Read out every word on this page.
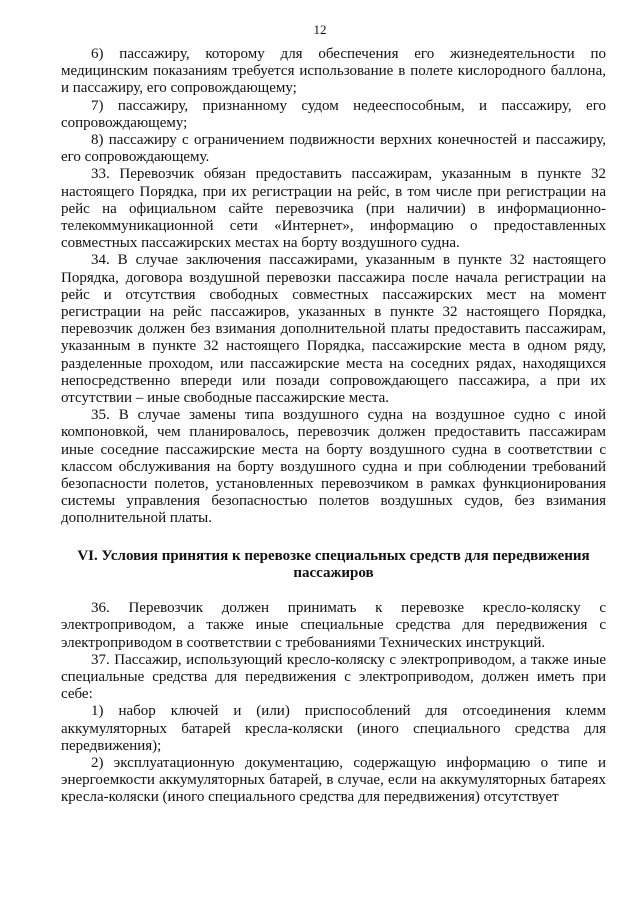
12

6) пассажиру, которому для обеспечения его жизнедеятельности по медицинским показаниям требуется использование в полете кислородного баллона, и пассажиру, его сопровождающему;

7) пассажиру, признанному судом недееспособным, и пассажиру, его сопровождающему;

8) пассажиру с ограничением подвижности верхних конечностей и пассажиру, его сопровождающему.

33. Перевозчик обязан предоставить пассажирам, указанным в пункте 32 настоящего Порядка, при их регистрации на рейс, в том числе при регистрации на рейс на официальном сайте перевозчика (при наличии) в информационно-телекоммуникационной сети «Интернет», информацию о предоставленных совместных пассажирских местах на борту воздушного судна.

34. В случае заключения пассажирами, указанным в пункте 32 настоящего Порядка, договора воздушной перевозки пассажира после начала регистрации на рейс и отсутствия свободных совместных пассажирских мест на момент регистрации на рейс пассажиров, указанных в пункте 32 настоящего Порядка, перевозчик должен без взимания дополнительной платы предоставить пассажирам, указанным в пункте 32 настоящего Порядка, пассажирские места в одном ряду, разделенные проходом, или пассажирские места на соседних рядах, находящихся непосредственно впереди или позади сопровождающего пассажира, а при их отсутствии – иные свободные пассажирские места.

35. В случае замены типа воздушного судна на воздушное судно с иной компоновкой, чем планировалось, перевозчик должен предоставить пассажирам иные соседние пассажирские места на борту воздушного судна в соответствии с классом обслуживания на борту воздушного судна и при соблюдении требований безопасности полетов, установленных перевозчиком в рамках функционирования системы управления безопасностью полетов воздушных судов, без взимания дополнительной платы.

VI. Условия принятия к перевозке специальных средств для передвижения пассажиров

36. Перевозчик должен принимать к перевозке кресло-коляску с электроприводом, а также иные специальные средства для передвижения с электроприводом в соответствии с требованиями Технических инструкций.

37. Пассажир, использующий кресло-коляску с электроприводом, а также иные специальные средства для передвижения с электроприводом, должен иметь при себе:

1) набор ключей и (или) приспособлений для отсоединения клемм аккумуляторных батарей кресла-коляски (иного специального средства для передвижения);

2) эксплуатационную документацию, содержащую информацию о типе и энергоемкости аккумуляторных батарей, в случае, если на аккумуляторных батареях кресла-коляски (иного специального средства для передвижения) отсутствует
